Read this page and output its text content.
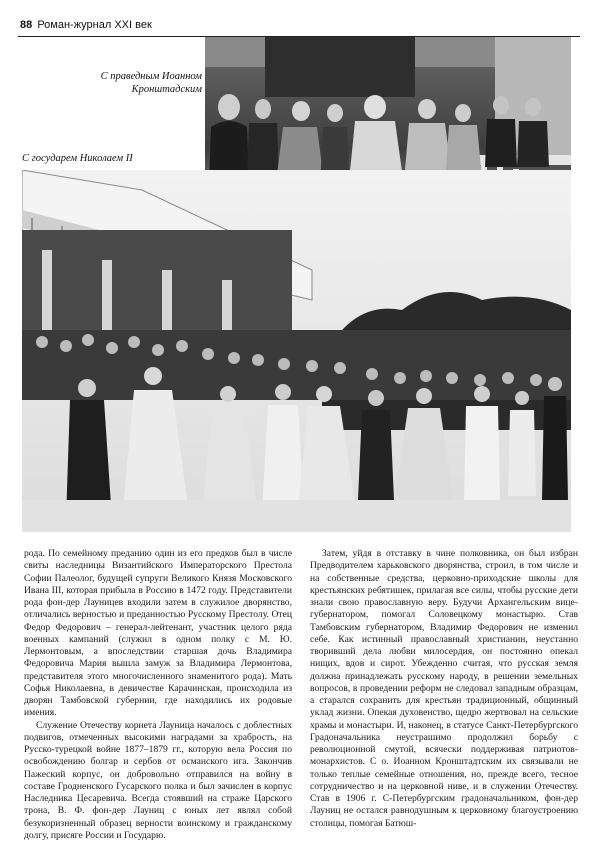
88 Роман-журнал XXI век
С праведным Иоанном Кронштадским
С государем Николаем II

рода. По семейному преданию один из его предков был в числе свиты наследницы Византийского Императорского Престола Софии Палеолог, будущей супруги Великого Князя Московского Ивана III, которая прибыла в Россию в 1472 году. Представители рода фон-дер Лауницев входили затем в служилое дворянство, отличались верностью и преданностью Русскому Престолу. Отец Федор Федорович – генерал-лейтенант, участник целого ряда военных кампаний (служил в одном полку с М. Ю. Лермонтовым, а впоследствии старшая дочь Владимира Федоровича Мария вышла замуж за Владимира Лермонтова, представителя этого многочисленного знаменитого рода). Мать Софья Николаевна, в девичестве Карачинская, происходила из дворян Тамбовской губернии, где находились их родовые имения.

Служение Отечеству корнета Лауница началось с доблестных подвигов, отмеченных высокими наградами за храбрость, на Русско-турецкой войне 1877–1879 гг., которую вела Россия по освобождению болгар и сербов от османского ига. Закончив Пажеский корпус, он добровольно отправился на войну в составе Гродненского Гусарского полка и был зачислен в корпус Наследника Цесаревича. Всегда стоявший на страже Царского трона, В. Ф. фон-дер Лауниц с юных лет являл собой безукоризненный образец верности воинскому и гражданскому долгу, присяге России и Государю.

Затем, уйдя в отставку в чине полковника, он был избран Предводителем харьковского дворянства, строил, в том числе и на собственные средства, церковно-приходские школы для крестьянских ребятишек, прилагая все силы, чтобы русские дети знали свою православную веру. Будучи Архангельским вице-губернатором, помогал Соловецкому монастырю. Став Тамбовским губернатором, Владимир Федорович не изменил себе. Как истинный православный христианин, неустанно творивший дела любви милосердия, он постоянно опекал нищих, вдов и сирот. Убежденно считая, что русская земля должна принадлежать русскому народу, в решении земельных вопросов, в проведении реформ не следовал западным образцам, а старался сохранить для крестьян традиционный, общинный уклад жизни. Опекая духовенство, щедро жертвовал на сельские храмы и монастыри. И, наконец, в статусе Санкт-Петербургского Градоначальника неустрашимо продолжил борьбу с революционной смутой, всячески поддерживая патриотов-монархистов. С о. Иоанном Кронштадтским их связывали не только теплые семейные отношения, но, прежде всего, тесное сотрудничество и на церковной ниве, и в служении Отечеству. Став в 1906 г. С-Петербургским градоначальником, фон-дер Лауниц не остался равнодушным к церковному благоустроению столицы, помогая Батюш-
